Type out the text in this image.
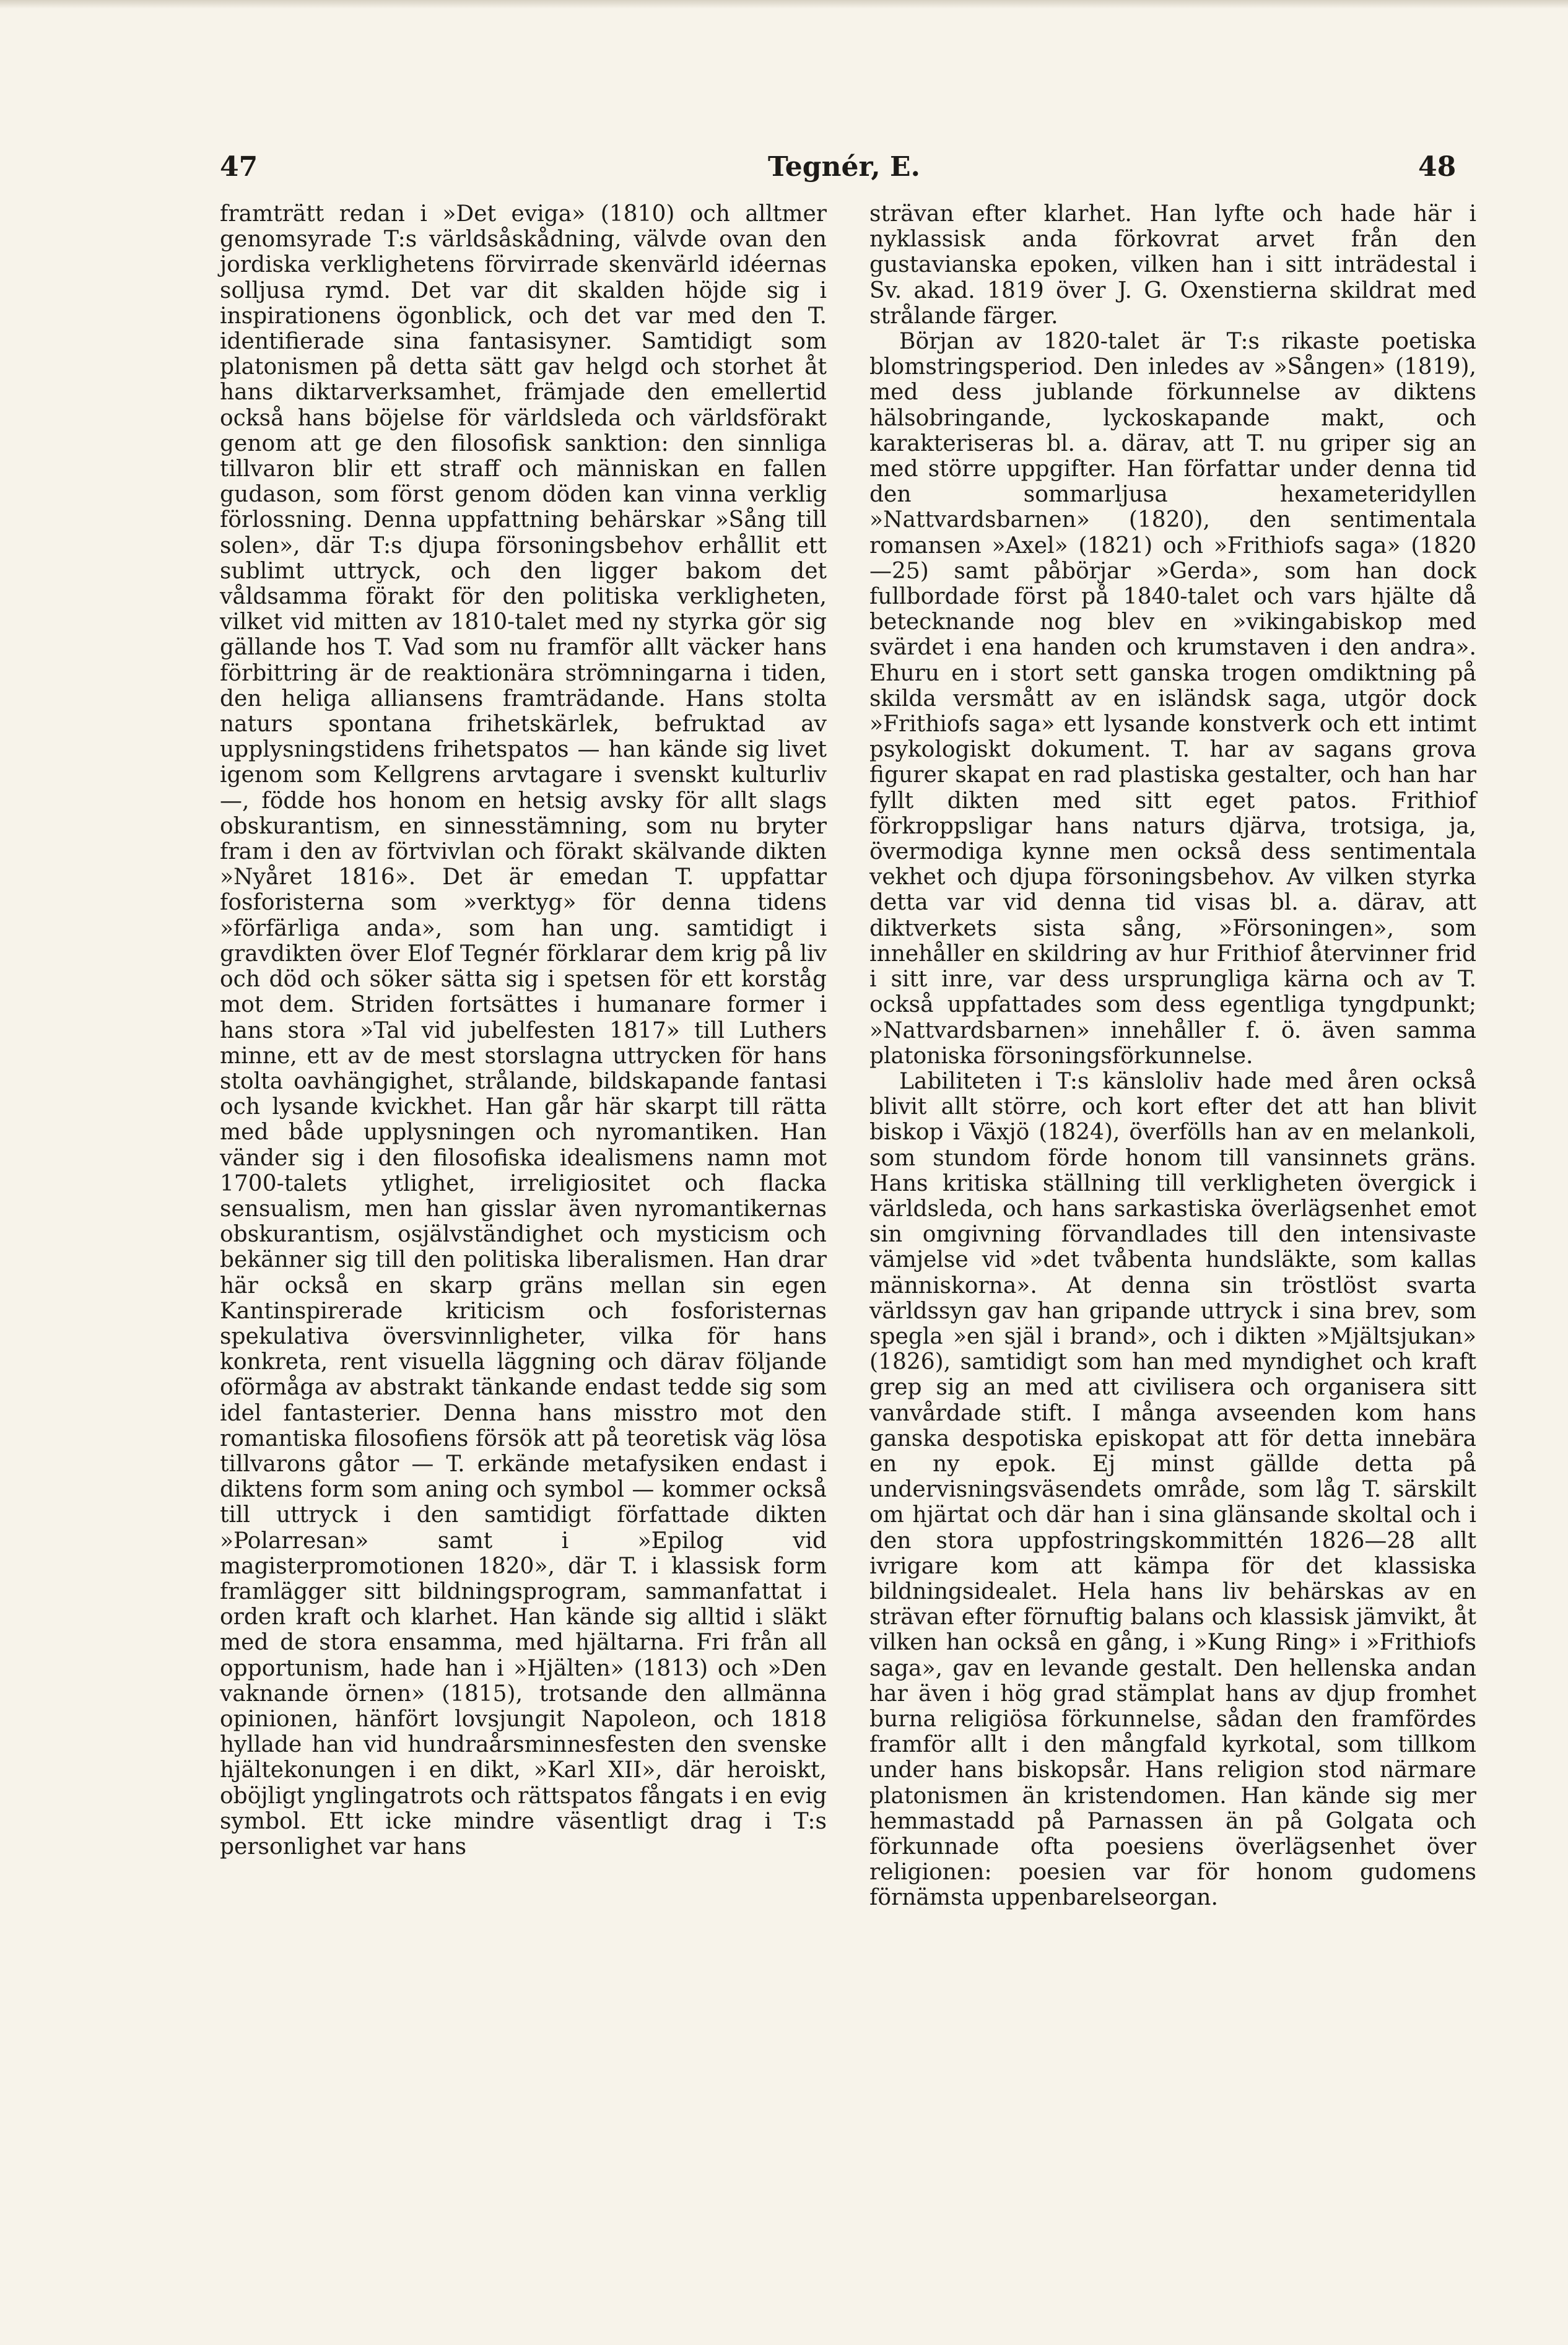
47	Tegnér, E.	48

framträtt redan i »Det eviga» (1810) och alltmer genomsyrade T:s världsåskådning, välvde ovan den jordiska verklighetens förvirrade skenvärld idéernas solljusa rymd. Det var dit skalden höjde sig i inspirationens ögonblick, och det var med den T. identifierade sina fantasisyner. Samtidigt som platonismen på detta sätt gav helgd och storhet åt hans diktarverksamhet, främjade den emellertid också hans böjelse för världsleda och världsförakt genom att ge den filosofisk sanktion: den sinnliga tillvaron blir ett straff och människan en fallen gudason, som först genom döden kan vinna verklig förlossning. Denna uppfattning behärskar »Sång till solen», där T:s djupa försoningsbehov erhållit ett sublimt uttryck, och den ligger bakom det våldsamma förakt för den politiska verkligheten, vilket vid mitten av 1810-talet med ny styrka gör sig gällande hos T. Vad som nu framför allt väcker hans förbittring är de reaktionära strömningarna i tiden, den heliga alliansens framträdande. Hans stolta naturs spontana frihetskärlek, befruktad av upplysningstidens frihetspatos — han kände sig livet igenom som Kellgrens arvtagare i svenskt kulturliv —, födde hos honom en hetsig avsky för allt slags obskurantism, en sinnesstämning, som nu bryter fram i den av förtvivlan och förakt skälvande dikten »Nyåret 1816». Det är emedan T. uppfattar fosforisterna som »verktyg» för denna tidens »förfärliga anda», som han ung. samtidigt i gravdikten över Elof Tegnér förklarar dem krig på liv och död och söker sätta sig i spetsen för ett korståg mot dem. Striden fortsättes i humanare former i hans stora »Tal vid jubelfesten 1817» till Luthers minne, ett av de mest storslagna uttrycken för hans stolta oavhängighet, strålande, bildskapande fantasi och lysande kvickhet. Han går här skarpt till rätta med både upplysningen och nyromantiken. Han vänder sig i den filosofiska idealismens namn mot 1700-talets ytlighet, irreligiositet och flacka sensualism, men han gisslar även nyromantikernas obskurantism, osjälvständighet och mysticism och bekänner sig till den politiska liberalismen. Han drar här också en skarp gräns mellan sin egen Kantinspirerade kriticism och fosforisternas spekulativa översvinnligheter, vilka för hans konkreta, rent visuella läggning och därav följande oförmåga av abstrakt tänkande endast tedde sig som idel fantasterier. Denna hans misstro mot den romantiska filosofiens försök att på teoretisk väg lösa tillvarons gåtor — T. erkände metafysiken endast i diktens form som aning och symbol — kommer också till uttryck i den samtidigt författade dikten »Polarresan» samt i »Epilog vid magisterpromotionen 1820», där T. i klassisk form framlägger sitt bildningsprogram, sammanfattat i orden kraft och klarhet. Han kände sig alltid i släkt med de stora ensamma, med hjältarna. Fri från all opportunism, hade han i »Hjälten» (1813) och »Den vaknande örnen» (1815), trotsande den allmänna opinionen, hänfört lovsjungit Napoleon, och 1818 hyllade han vid hundraårsminnesfesten den svenske hjältekonungen i en dikt, »Karl XII», där heroiskt, oböjligt ynglingatrots och rättspatos fångats i en evig symbol. Ett icke mindre väsentligt drag i T:s personlighet var hans

strävan efter klarhet. Han lyfte och hade här i nyklassisk anda förkovrat arvet från den gustavianska epoken, vilken han i sitt inträdestal i Sv. akad. 1819 över J. G. Oxenstierna skildrat med strålande färger.

Början av 1820-talet är T:s rikaste poetiska blomstringsperiod. Den inledes av »Sången» (1819), med dess jublande förkunnelse av diktens hälsobringande, lyckoskapande makt, och karakteriseras bl. a. därav, att T. nu griper sig an med större uppgifter. Han författar under denna tid den sommarljusa hexameteridyllen »Nattvardsbarnen» (1820), den sentimentala romansen »Axel» (1821) och »Frithiofs saga» (1820—25) samt påbörjar »Gerda», som han dock fullbordade först på 1840-talet och vars hjälte då betecknande nog blev en »vikingabiskop med svärdet i ena handen och krumstaven i den andra». Ehuru en i stort sett ganska trogen omdiktning på skilda versmått av en isländsk saga, utgör dock »Frithiofs saga» ett lysande konstverk och ett intimt psykologiskt dokument. T. har av sagans grova figurer skapat en rad plastiska gestalter, och han har fyllt dikten med sitt eget patos. Frithiof förkroppsligar hans naturs djärva, trotsiga, ja, övermodiga kynne men också dess sentimentala vekhet och djupa försoningsbehov. Av vilken styrka detta var vid denna tid visas bl. a. därav, att diktverkets sista sång, »Försoningen», som innehåller en skildring av hur Frithiof återvinner frid i sitt inre, var dess ursprungliga kärna och av T. också uppfattades som dess egentliga tyngdpunkt; »Nattvardsbarnen» innehåller f. ö. även samma platoniska försoningsförkunnelse.

Labiliteten i T:s känsloliv hade med åren också blivit allt större, och kort efter det att han blivit biskop i Växjö (1824), överfölls han av en melankoli, som stundom förde honom till vansinnets gräns. Hans kritiska ställning till verkligheten övergick i världsleda, och hans sarkastiska överlägsenhet emot sin omgivning förvandlades till den intensivaste vämjelse vid »det tvåbenta hundsläkte, som kallas människorna». At denna sin tröstlöst svarta världssyn gav han gripande uttryck i sina brev, som spegla »en själ i brand», och i dikten »Mjältsjukan» (1826), samtidigt som han med myndighet och kraft grep sig an med att civilisera och organisera sitt vanvårdade stift. I många avseenden kom hans ganska despotiska episkopat att för detta innebära en ny epok. Ej minst gällde detta på undervisningsväsendets område, som låg T. särskilt om hjärtat och där han i sina glänsande skoltal och i den stora uppfostringskommittén 1826—28 allt ivrigare kom att kämpa för det klassiska bildningsidealet. Hela hans liv behärskas av en strävan efter förnuftig balans och klassisk jämvikt, åt vilken han också en gång, i »Kung Ring» i »Frithiofs saga», gav en levande gestalt. Den hellenska andan har även i hög grad stämplat hans av djup fromhet burna religiösa förkunnelse, sådan den framfördes framför allt i den mångfald kyrkotal, som tillkom under hans biskopsår. Hans religion stod närmare platonismen än kristendomen. Han kände sig mer hemmastadd på Parnassen än på Golgata och förkunnade ofta poesiens överlägsenhet över religionen: poesien var för honom gudomens förnämsta uppenbarelseorgan.
